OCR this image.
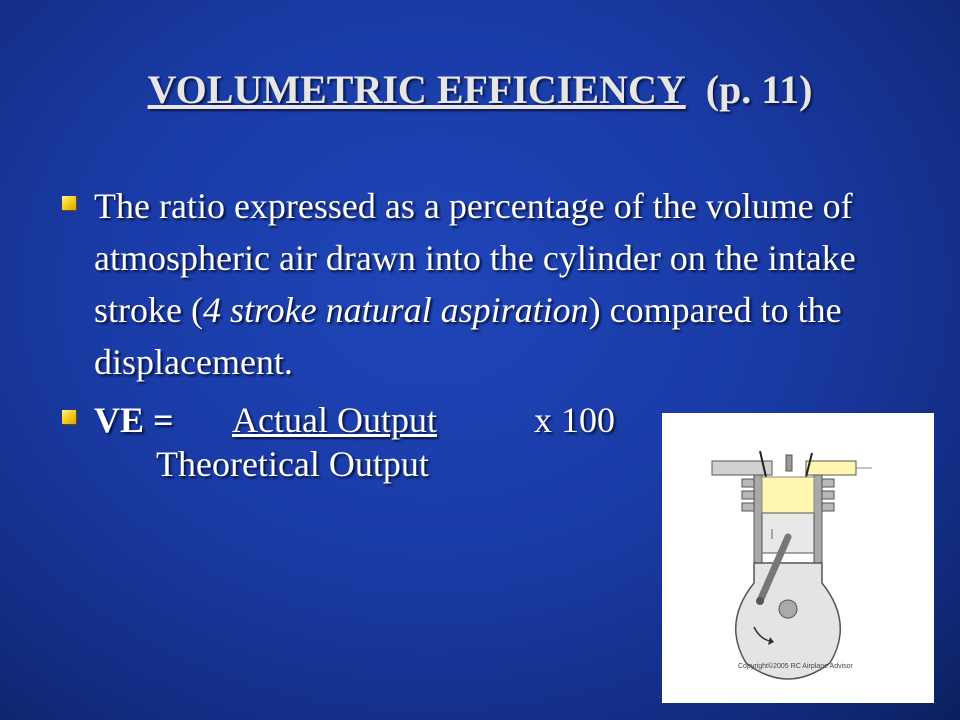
VOLUMETRIC EFFICIENCY (p. 11)
The ratio expressed as a percentage of the volume of atmospheric air drawn into the cylinder on the intake stroke (4 stroke natural aspiration) compared to the displacement.
VE = Actual Output	x 100
Theoretical Output
Copyright©2005 RC Airplane Advisor
